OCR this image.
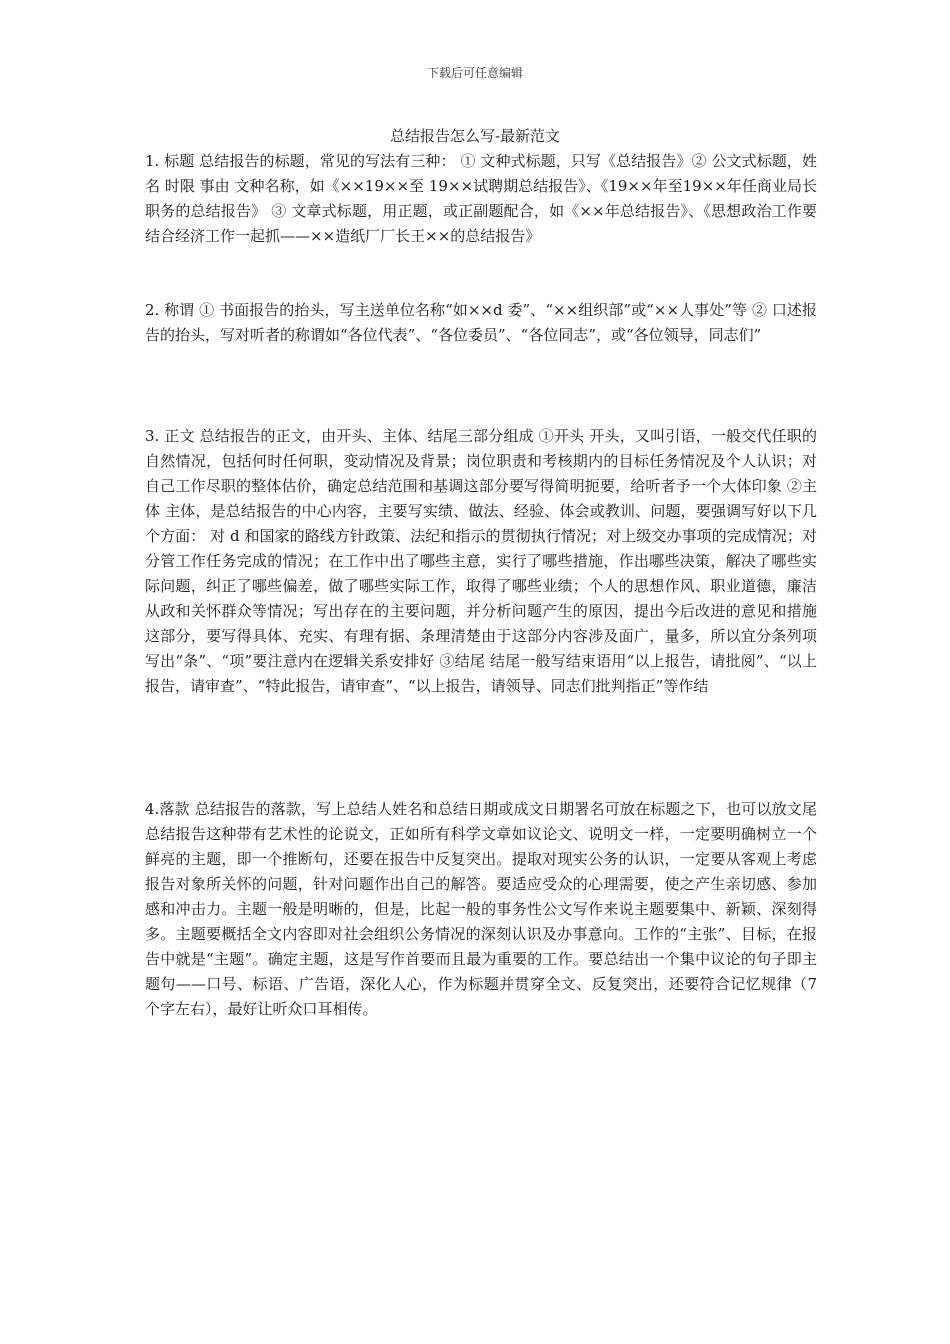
下载后可任意编辑
总结报告怎么写-最新范文

1. 标题 总结报告的标题，常见的写法有三种： ① 文种式标题，只写《总结报告》② 公文式标题，姓名 时限 事由 文种名称，如《××19××至 19××试聘期总结报告》、《19××年至19××年任商业局长职务的总结报告》 ③ 文章式标题，用正题，或正副题配合，如《××年总结报告》、《思想政治工作要结合经济工作一起抓——××造纸厂厂长王××的总结报告》

2. 称谓 ① 书面报告的抬头，写主送单位名称“如××d 委”、“××组织部”或“××人事处”等 ② 口述报告的抬头，写对听者的称谓如“各位代表”、“各位委员”、“各位同志”，或“各位领导，同志们”

3. 正文 总结报告的正文，由开头、主体、结尾三部分组成 ①开头 开头，又叫引语，一般交代任职的自然情况，包括何时任何职，变动情况及背景；岗位职责和考核期内的目标任务情况及个人认识；对自己工作尽职的整体估价，确定总结范围和基调这部分要写得简明扼要，给听者予一个大体印象 ②主体 主体，是总结报告的中心内容，主要写实绩、做法、经验、体会或教训、问题，要强调写好以下几个方面： 对 d 和国家的路线方针政策、法纪和指示的贯彻执行情况；对上级交办事项的完成情况；对分管工作任务完成的情况；在工作中出了哪些主意，实行了哪些措施，作出哪些决策，解决了哪些实际问题，纠正了哪些偏差，做了哪些实际工作，取得了哪些业绩；个人的思想作风、职业道德，廉洁从政和关怀群众等情况；写出存在的主要问题，并分析问题产生的原因，提出今后改进的意见和措施 这部分，要写得具体、充实、有理有据、条理清楚由于这部分内容涉及面广，量多，所以宜分条列项写出“条”、“项”要注意内在逻辑关系安排好 ③结尾 结尾一般写结束语用“以上报告，请批阅”、“以上报告，请审查”、“特此报告，请审查”、“以上报告，请领导、同志们批判指正”等作结

4.落款 总结报告的落款，写上总结人姓名和总结日期或成文日期署名可放在标题之下，也可以放文尾 总结报告这种带有艺术性的论说文，正如所有科学文章如议论文、说明文一样，一定要明确树立一个鲜亮的主题，即一个推断句，还要在报告中反复突出。提取对现实公务的认识，一定要从客观上考虑报告对象所关怀的问题，针对问题作出自己的解答。要适应受众的心理需要，使之产生亲切感、参加感和冲击力。主题一般是明晰的，但是，比起一般的事务性公文写作来说主题要集中、新颖、深刻得多。主题要概括全文内容即对社会组织公务情况的深刻认识及办事意向。工作的“主张”、目标，在报告中就是“主题”。确定主题，这是写作首要而且最为重要的工作。要总结出一个集中议论的句子即主题句——口号、标语、广告语，深化人心，作为标题并贯穿全文、反复突出，还要符合记忆规律（7 个字左右），最好让听众口耳相传。
